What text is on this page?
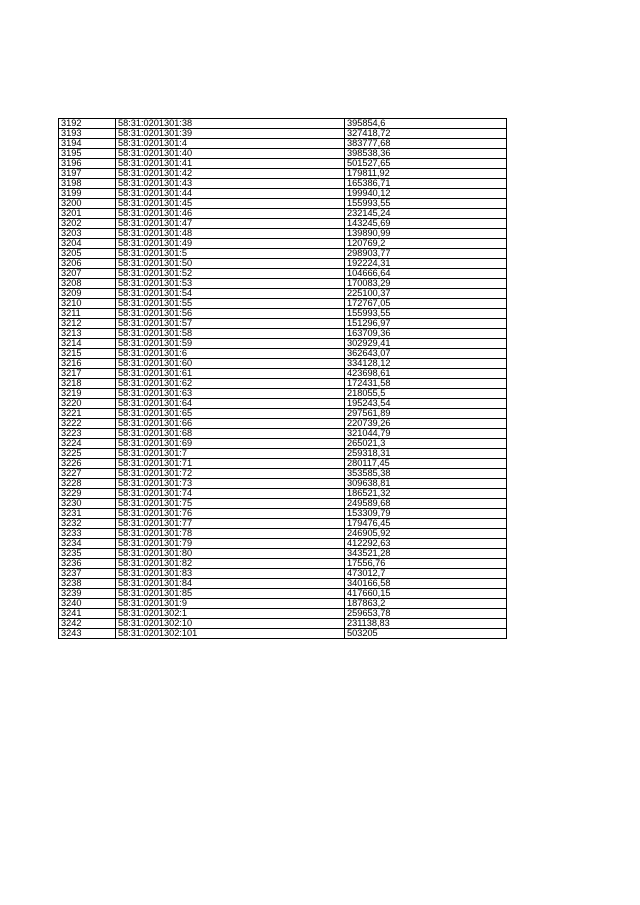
3192	58:31:0201301:38	395854,6
3193	58:31:0201301:39	327418,72
3194	58:31:0201301:4	383777,68
3195	58:31:0201301:40	398538,36
3196	58:31:0201301:41	501527,65
3197	58:31:0201301:42	179811,92
3198	58:31:0201301:43	165386,71
3199	58:31:0201301:44	199940,12
3200	58:31:0201301:45	155993,55
3201	58:31:0201301:46	232145,24
3202	58:31:0201301:47	143245,69
3203	58:31:0201301:48	139890,99
3204	58:31:0201301:49	120769,2
3205	58:31:0201301:5	298903,77
3206	58:31:0201301:50	192224,31
3207	58:31:0201301:52	104666,64
3208	58:31:0201301:53	170083,29
3209	58:31:0201301:54	225100,37
3210	58:31:0201301:55	172767,05
3211	58:31:0201301:56	155993,55
3212	58:31:0201301:57	151296,97
3213	58:31:0201301:58	163709,36
3214	58:31:0201301:59	302929,41
3215	58:31:0201301:6	362643,07
3216	58:31:0201301:60	334128,12
3217	58:31:0201301:61	423698,61
3218	58:31:0201301:62	172431,58
3219	58:31:0201301:63	218055,5
3220	58:31:0201301:64	195243,54
3221	58:31:0201301:65	297561,89
3222	58:31:0201301:66	220739,26
3223	58:31:0201301:68	321044,79
3224	58:31:0201301:69	265021,3
3225	58:31:0201301:7	259318,31
3226	58:31:0201301:71	280117,45
3227	58:31:0201301:72	353585,38
3228	58:31:0201301:73	309638,81
3229	58:31:0201301:74	186521,32
3230	58:31:0201301:75	249589,68
3231	58:31:0201301:76	153309,79
3232	58:31:0201301:77	179476,45
3233	58:31:0201301:78	246905,92
3234	58:31:0201301:79	412292,63
3235	58:31:0201301:80	343521,28
3236	58:31:0201301:82	17556,76
3237	58:31:0201301:83	473012,7
3238	58:31:0201301:84	340166,58
3239	58:31:0201301:85	417660,15
3240	58:31:0201301:9	187863,2
3241	58:31:0201302:1	259653,78
3242	58:31:0201302:10	231138,83
3243	58:31:0201302:101	503205
